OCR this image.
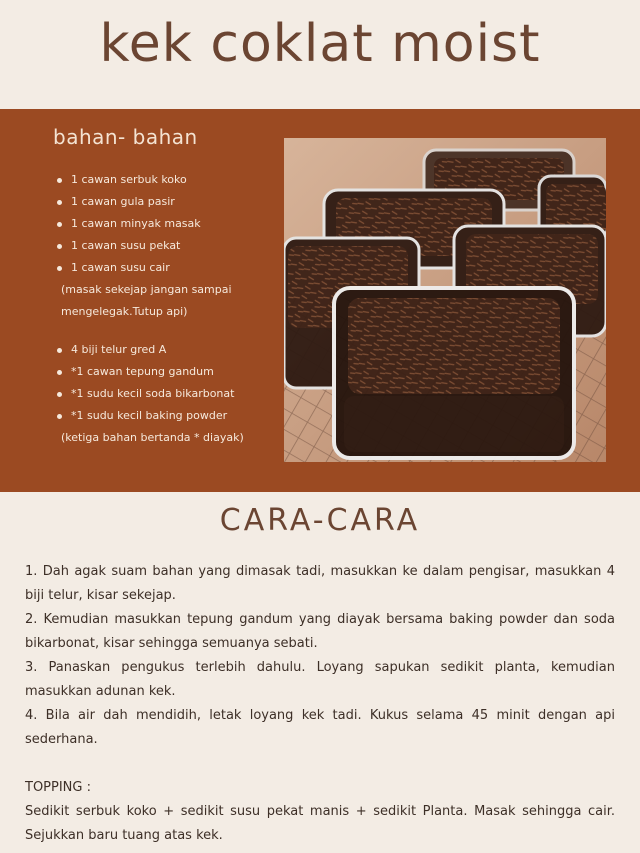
kek coklat moist
bahan- bahan
1 cawan serbuk koko
1 cawan gula pasir
1 cawan minyak masak
1 cawan susu pekat
1 cawan susu cair
(masak sekejap jangan sampai
mengelegak.Tutup api)
4 biji telur gred A
*1 cawan tepung gandum
*1 sudu kecil soda bikarbonat
*1 sudu kecil baking powder
(ketiga bahan bertanda * diayak)
CARA-CARA

1. Dah agak suam bahan yang dimasak tadi, masukkan ke dalam pengisar, masukkan 4 biji telur, kisar sekejap.

2. Kemudian masukkan tepung gandum yang diayak bersama baking powder dan soda bikarbonat, kisar sehingga semuanya sebati.

3. Panaskan pengukus terlebih dahulu. Loyang sapukan sedikit planta, kemudian masukkan adunan kek.

4. Bila air dah mendidih, letak loyang kek tadi. Kukus selama 45 minit dengan api sederhana.

TOPPING :

Sedikit serbuk koko + sedikit susu pekat manis + sedikit Planta. Masak sehingga cair. Sejukkan baru tuang atas kek.
